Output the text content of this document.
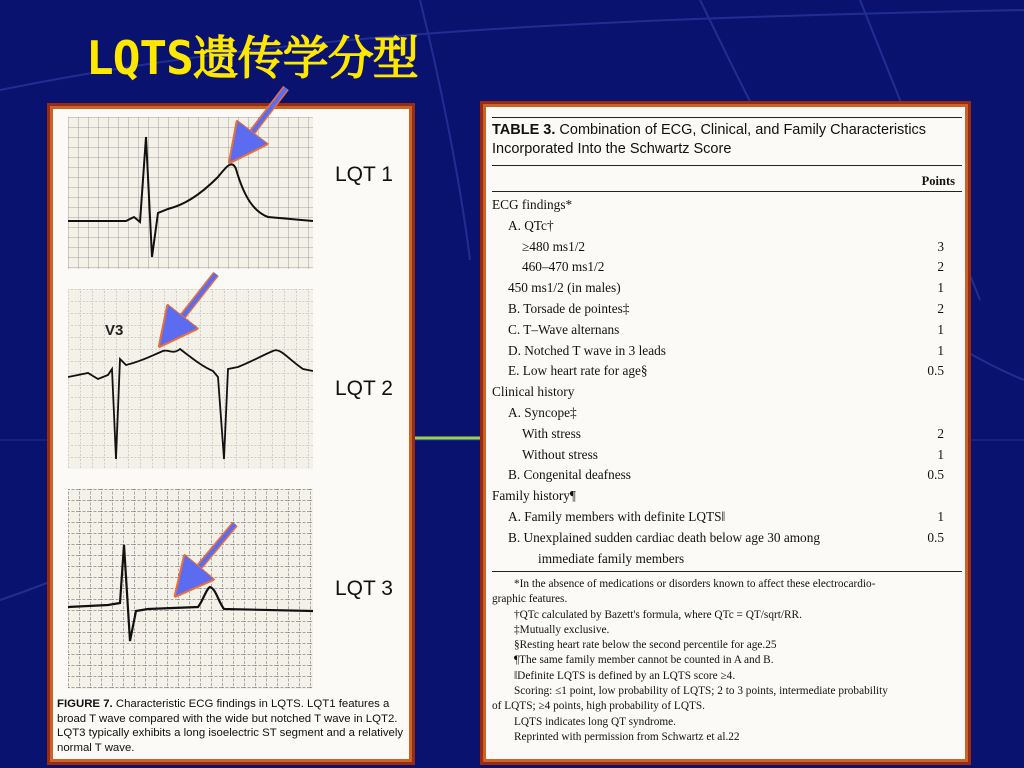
LQTS遗传学分型
LQT 1
V3
LQT 2
LQT 3
FIGURE 7. Characteristic ECG findings in LQTS. LQT1 features a broad T wave compared with the wide but notched T wave in LQT2. LQT3 typically exhibits a long isoelectric ST segment and a relatively normal T wave.
TABLE 3. Combination of ECG, Clinical, and Family Characteristics Incorporated Into the Schwartz Score
Points
ECG findings*
A. QTc†
≥480 ms1/2	3
460–470 ms1/2	2
450 ms1/2 (in males)	1
B. Torsade de pointes‡	2
C. T–Wave alternans	1
D. Notched T wave in 3 leads	1
E. Low heart rate for age§	0.5
Clinical history
A. Syncope‡
With stress	2
Without stress	1
B. Congenital deafness	0.5
Family history¶
A. Family members with definite LQTS‖	1
B. Unexplained sudden cardiac death below age 30 among	0.5
immediate family members
*In the absence of medications or disorders known to affect these electrocardio-
graphic features.
†QTc calculated by Bazett's formula, where QTc = QT/sqrt/RR.
‡Mutually exclusive.
§Resting heart rate below the second percentile for age.25
¶The same family member cannot be counted in A and B.
‖Definite LQTS is defined by an LQTS score ≥4.
Scoring: ≤1 point, low probability of LQTS; 2 to 3 points, intermediate probability
of LQTS; ≥4 points, high probability of LQTS.
LQTS indicates long QT syndrome.
Reprinted with permission from Schwartz et al.22
